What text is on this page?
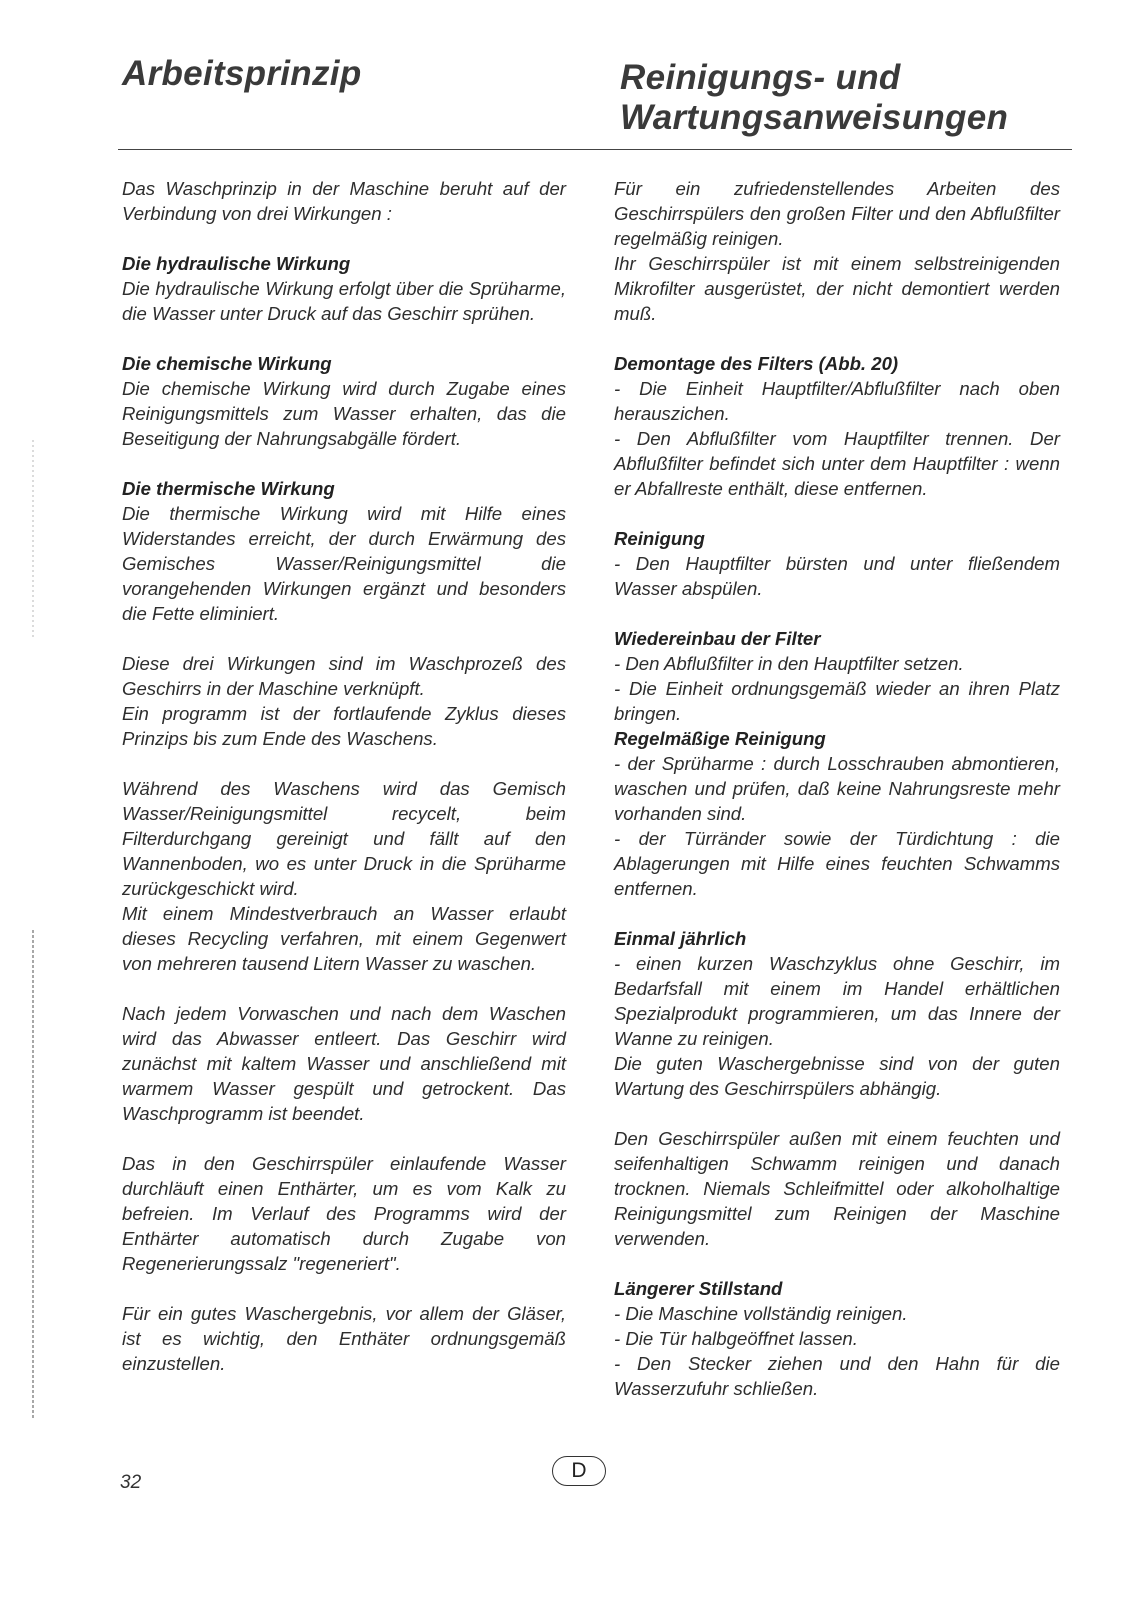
Arbeitsprinzip	Reinigungs- und
Wartungsanweisungen

Das Waschprinzip in der Maschine beruht auf der Verbindung von drei Wirkungen :

Die hydraulische Wirkung

Die hydraulische Wirkung erfolgt über die Sprüharme, die Wasser unter Druck auf das Geschirr sprühen.

Die chemische Wirkung

Die chemische Wirkung wird durch Zugabe eines Reinigungsmittels zum Wasser erhalten, das die Beseitigung der Nahrungsabgälle fördert.

Die thermische Wirkung

Die thermische Wirkung wird mit Hilfe eines Widerstandes erreicht, der durch Erwärmung des Gemisches Wasser/Reinigungsmittel die vorangehenden Wirkungen ergänzt und besonders die Fette eliminiert.

Diese drei Wirkungen sind im Waschprozeß des Geschirrs in der Maschine verknüpft.

Ein programm ist der fortlaufende Zyklus dieses Prinzips bis zum Ende des Waschens.

Während des Waschens wird das Gemisch Wasser/Reinigungsmittel recycelt, beim Filterdurchgang gereinigt und fällt auf den Wannenboden, wo es unter Druck in die Sprüharme zurückgeschickt wird.

Mit einem Mindestverbrauch an Wasser erlaubt dieses Recycling verfahren, mit einem Gegenwert von mehreren tausend Litern Wasser zu waschen.

Nach jedem Vorwaschen und nach dem Waschen wird das Abwasser entleert. Das Geschirr wird zunächst mit kaltem Wasser und anschließend mit warmem Wasser gespült und getrockent. Das Waschprogramm ist beendet.

Das in den Geschirrspüler einlaufende Wasser durchläuft einen Enthärter, um es vom Kalk zu befreien. Im Verlauf des Programms wird der Enthärter automatisch durch Zugabe von Regenerierungssalz "regeneriert".

Für ein gutes Waschergebnis, vor allem der Gläser, ist es wichtig, den Enthäter ordnungsgemäß einzustellen.

Für ein zufriedenstellendes Arbeiten des Geschirrspülers den großen Filter und den Abflußfilter regelmäßig reinigen.

Ihr Geschirrspüler ist mit einem selbstreinigenden Mikrofilter ausgerüstet, der nicht demontiert werden muß.

Demontage des Filters (Abb. 20)

- Die Einheit Hauptfilter/Abflußfilter nach oben herauszichen.

- Den Abflußfilter vom Hauptfilter trennen. Der Abflußfilter befindet sich unter dem Hauptfilter : wenn er Abfallreste enthält, diese entfernen.

Reinigung

- Den Hauptfilter bürsten und unter fließendem Wasser abspülen.

Wiedereinbau der Filter

- Den Abflußfilter in den Hauptfilter setzen.

- Die Einheit ordnungsgemäß wieder an ihren Platz bringen.

Regelmäßige Reinigung

- der Sprüharme : durch Losschrauben abmontieren, waschen und prüfen, daß keine Nahrungsreste mehr vorhanden sind.

- der Türränder sowie der Türdichtung : die Ablagerungen mit Hilfe eines feuchten Schwamms entfernen.

Einmal jährlich

- einen kurzen Waschzyklus ohne Geschirr, im Bedarfsfall mit einem im Handel erhältlichen Spezialprodukt programmieren, um das Innere der Wanne zu reinigen.

Die guten Waschergebnisse sind von der guten Wartung des Geschirrspülers abhängig.

Den Geschirrspüler außen mit einem feuchten und seifenhaltigen Schwamm reinigen und danach trocknen. Niemals Schleifmittel oder alkoholhaltige Reinigungsmittel zum Reinigen der Maschine verwenden.

Längerer Stillstand

- Die Maschine vollständig reinigen.

- Die Tür halbgeöffnet lassen.

- Den Stecker ziehen und den Hahn für die Wasserzufuhr schließen.

32
D
